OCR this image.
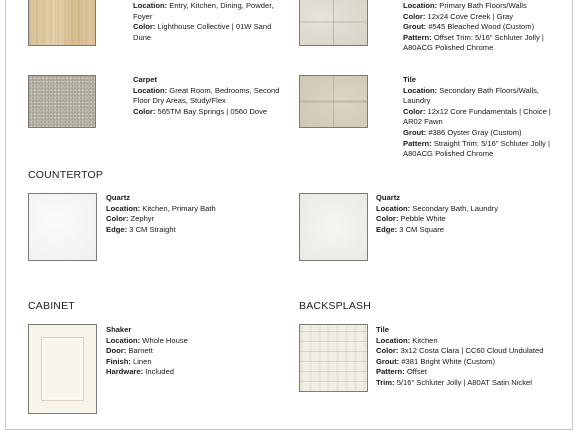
Location: Entry, Kitchen, Dining, Powder, Foyer
Color: Lighthouse Collective | 01W Sand Dune
Location: Primary Bath Floors/Walls
Color: 12x24 Cove Creek | Gray
Grout: #545 Bleached Wood (Custom)
Pattern: Offset Trim: 5/16" Schluter Jolly | A80ACG Polished Chrome
Carpet
Location: Great Room, Bedrooms, Second Floor Dry Areas, Study/Flex
Color: 565TM Bay Springs | 0560 Dove
Tile
Location: Secondary Bath Floors/Walls, Laundry
Color: 12x12 Core Fundamentals | Choice | AR02 Fawn
Grout: #386 Oyster Gray (Custom)
Pattern: Straight Trim: 5/16" Schluter Jolly | A80ACG Polished Chrome
COUNTERTOP
Quartz
Location: Kitchen, Primary Bath
Color: Zephyr
Edge: 3 CM Straight
Quartz
Location: Secondary Bath, Laundry
Color: Pebble White
Edge: 3 CM Square
CABINET
Shaker
Location: Whole House
Door: Barnett
Finish: Linen
Hardware: Included
BACKSPLASH
Tile
Location: Kitchen
Color: 3x12 Costa Clara | CC60 Cloud Undulated
Grout: #381 Bright White (Custom)
Pattern: Offset
Trim: 5/16" Schluter Jolly | A80AT Satin Nickel
